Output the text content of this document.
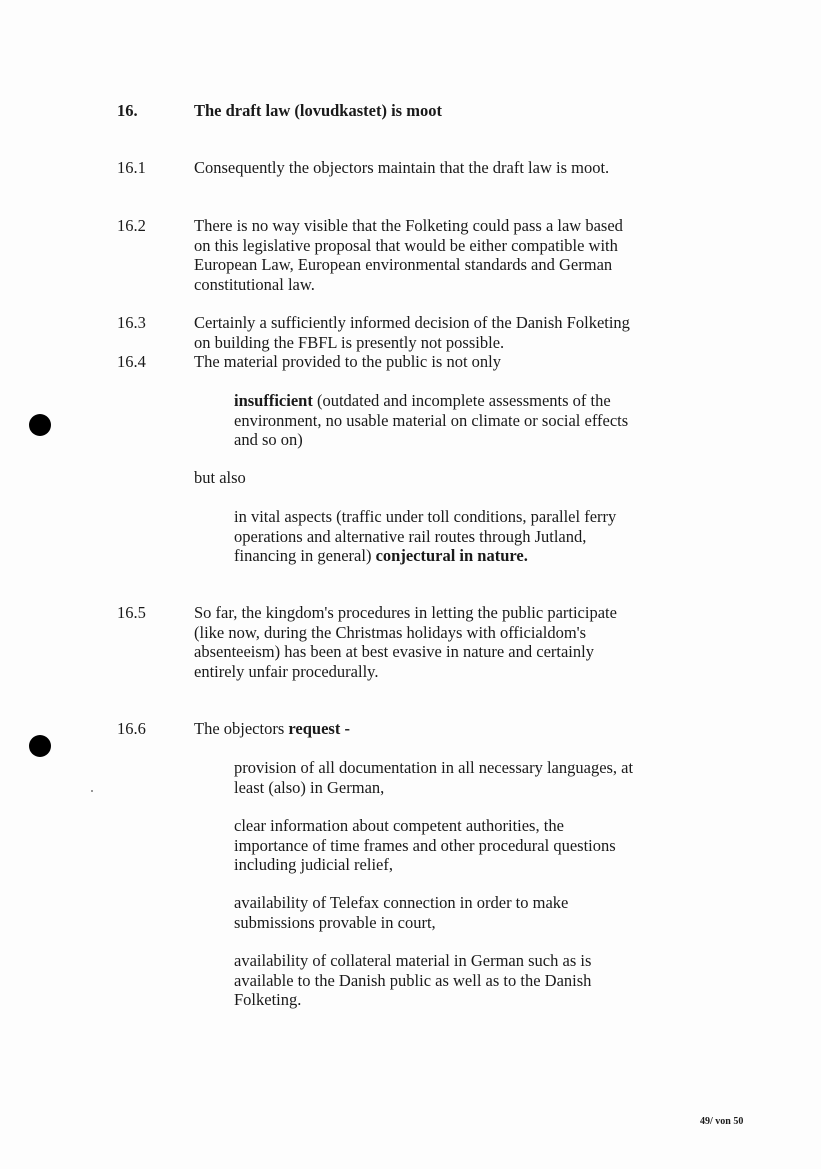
16.	The draft law (lovudkastet) is moot

16.1	Consequently the objectors maintain that the draft law is moot.

16.2	There is no way visible that the Folketing could pass a law based on this legislative proposal that would be either compatible with European Law, European environmental standards and German constitutional law.

16.3	Certainly a sufficiently informed decision of the Danish Folketing on building the FBFL is presently not possible.

16.4	The material provided to the public is not only

insufficient (outdated and incomplete assessments of the environment, no usable material on climate or social effects and so on)

but also

in vital aspects (traffic under toll conditions, parallel ferry operations and alternative rail routes through Jutland, financing in general) conjectural in nature.

16.5	So far, the kingdom's procedures in letting the public participate (like now, during the Christmas holidays with officialdom's absenteeism) has been at best evasive in nature and certainly entirely unfair procedurally.

16.6	The objectors request -

provision of all documentation in all necessary languages, at least (also) in German,

clear information about competent authorities, the importance of time frames and other procedural questions including judicial relief,

availability of Telefax connection in order to make submissions provable in court,

availability of collateral material in German such as is available to the Danish public as well as to the Danish Folketing.

49/ von 50
